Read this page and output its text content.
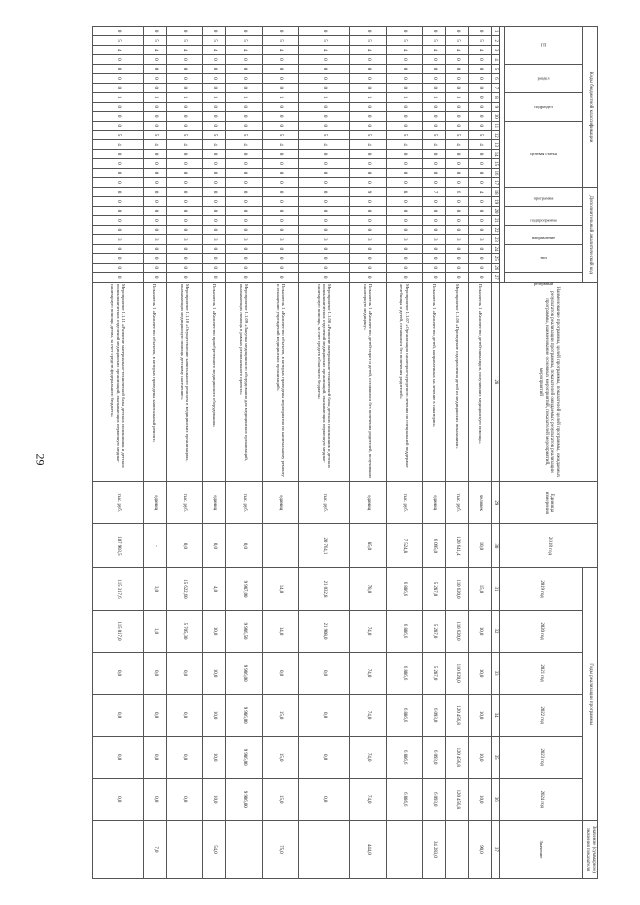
29
Коды бюджетной классификации																	Дополнительный аналитический код										Наименование программы, целей программы, показателей целей программы, ожидаемых результатов реализации программы, показателей ожидаемых результатов реализации программы, наименование основных мероприятий, показателей мероприятий, мероприятий	Единица измерения	2018 год	Годы реализации программы						Значение (суммарное) значения показателя
ГП				раздел			подраздел			целевая статья							программа		подпрограмма		направление		тип			резервный				2019 год	2020 год	2021 год	2022 год	2023 год	2024 год	Значение

1	2	3	4	5	6	7	8	9	10	11	12	13	14	15	16	17	18	19	20	21	22	23	24	25	26	27	28	29	30	31	32	33	34	35	36	37
0	5	4	0	0	0	0	0	0	0	0	5	4	0	0	0	0	4	0	0	0	0	3	0	0	0	0	Показатель 1 «Количество детей-инвалидов, получивших медицинскую помощь»	человек	10,0	15,0	10,0	10,0	10,0	10,0	10,0	90,0
0	5	4	0	0	0	0	1	0	0	0	5	4	0	0	0	0	6	0	0	0	0	3	0	0	0	0	Мероприятие 1.1.06 «Проведение оздоровления детей из медицинских показаниям»	тыс. руб.	120 641,4	110 620,0	110 620,0	110 620,0	120 456,8	120 456,8	120 456,8	
0	5	4	0	0	0	0	1	0	0	0	5	4	0	0	0	0	7	0	0	0	0	3	0	0	0	0	Показатель 1 «Количество детей, направленных на лечение в санатории»	единиц	6 095,0	5 287,0	5 287,0	5 287,0	6 093,0	6 093,0	6 093,0	34 283,0
0	5	4	0	0	0	0	1	0	0	0	5	4	0	0	0	0	8	0	0	0	0	3	0	0	0	0	Мероприятие 1.1.07 «Организация санаторно-курортного лечения по специальной поддержке лечебницы и детей, оставшихся без попечения родителей»	тыс. руб.	7 524,8	6 886,6	6 886,6	6 886,6	6 886,6	6 886,6	6 886,6	
0	5	4	0	0	0	0	1	0	0	0	5	4	0	0	0	0	9	0	0	0	0	3	0	0	0	0	Показатель 1 «Количество детей-сирот и детей, оставшихся без попечения родителей, получивших санаторную медицину»	единиц	85,0	78,0	74,0	74,0	74,0	74,0	74,0	444,0
0	5	4	0	0	0	0	1	0	0	0	5	4	0	0	0	0	0	0	0	0	0	3	0	0	0	0	Мероприятие 1.1.08 «Развитие материально-технической базы детских поликлиник и детских поликлинических отделений медицинских организаций, оказывающих первичную медико-санитарную помощь, за счет средств областного бюджета»	тыс. руб.	20 764,1	21 032,8	21 908,0	0,0	0,0	0,0	0,0	
0	5	4	0	0	0	0	1	0	0	0	5	4	0	0	0	0	0	0	0	0	0	3	0	0	0	0	Показатель 1 «Количество объектов, в которых проведены мероприятия по капитальному ремонту и оснащению учреждений медицинских организаций»	единиц		14,0	14,0	0,0	15,0	15,0	15,0	75,0
0	5	4	0	0	0	0	1	0	0	0	5	4	0	0	0	0	0	0	0	0	0	3	0	0	0	0	Мероприятие 1.1.09 «Закупка медицинского оборудования для медицинских организаций, оказывающих помощь в рамках регионального проекта»	тыс. руб.	0,0	9 987,00	9 986,50	9 986,00	9 986,00	9 986,00	9 986,00	
0	5	4	0	0	0	0	1	0	0	0	5	4	0	0	0	0	0	0	0	0	0	3	0	0	0	0	Показатель 1 «Количество приобретенного медицинского оборудования»	единиц	0,0	4,0	10,0	10,0	10,0	10,0	10,0	54,0
0	5	4	0	0	0	0	1	0	0	0	5	4	0	0	0	0	0	0	0	0	0	3	0	0	0	0	Мероприятие 1.1.10 «Осуществление капитального ремонта в медицинских организациях, оказывающих медицинскую помощь детскому населению»	тыс. руб.	0,0	15 622,60	5 705,30	0,0	0,0	0,0	0,0	
0	5	4	0	0	0	0	1	0	0	0	5	4	0	0	0	0	0	0	0	0	0	3	0	0	0	0	Показатель 1 «Количество объектов, в которых проведены капитальный ремонт»	единиц	-	3,0	1,0	0,0	0,0	0,0	0,0	7,0
0	5	4	0	0	0	0	1	0	0	0	5	4	0	0	0	0	0	0	0	0	0	3	0	0	0	0	Мероприятие 1.1.11 «Развитие материально-технической базы детских поликлиник и детских поликлинических отделений медицинских организаций, оказывающих первичную медико-санитарную помощь детям, за счет средств федерального бюджета»	тыс. руб.	107 903,5	115 317,6	115 017,0	0,0	0,0	0,0	0,0	
